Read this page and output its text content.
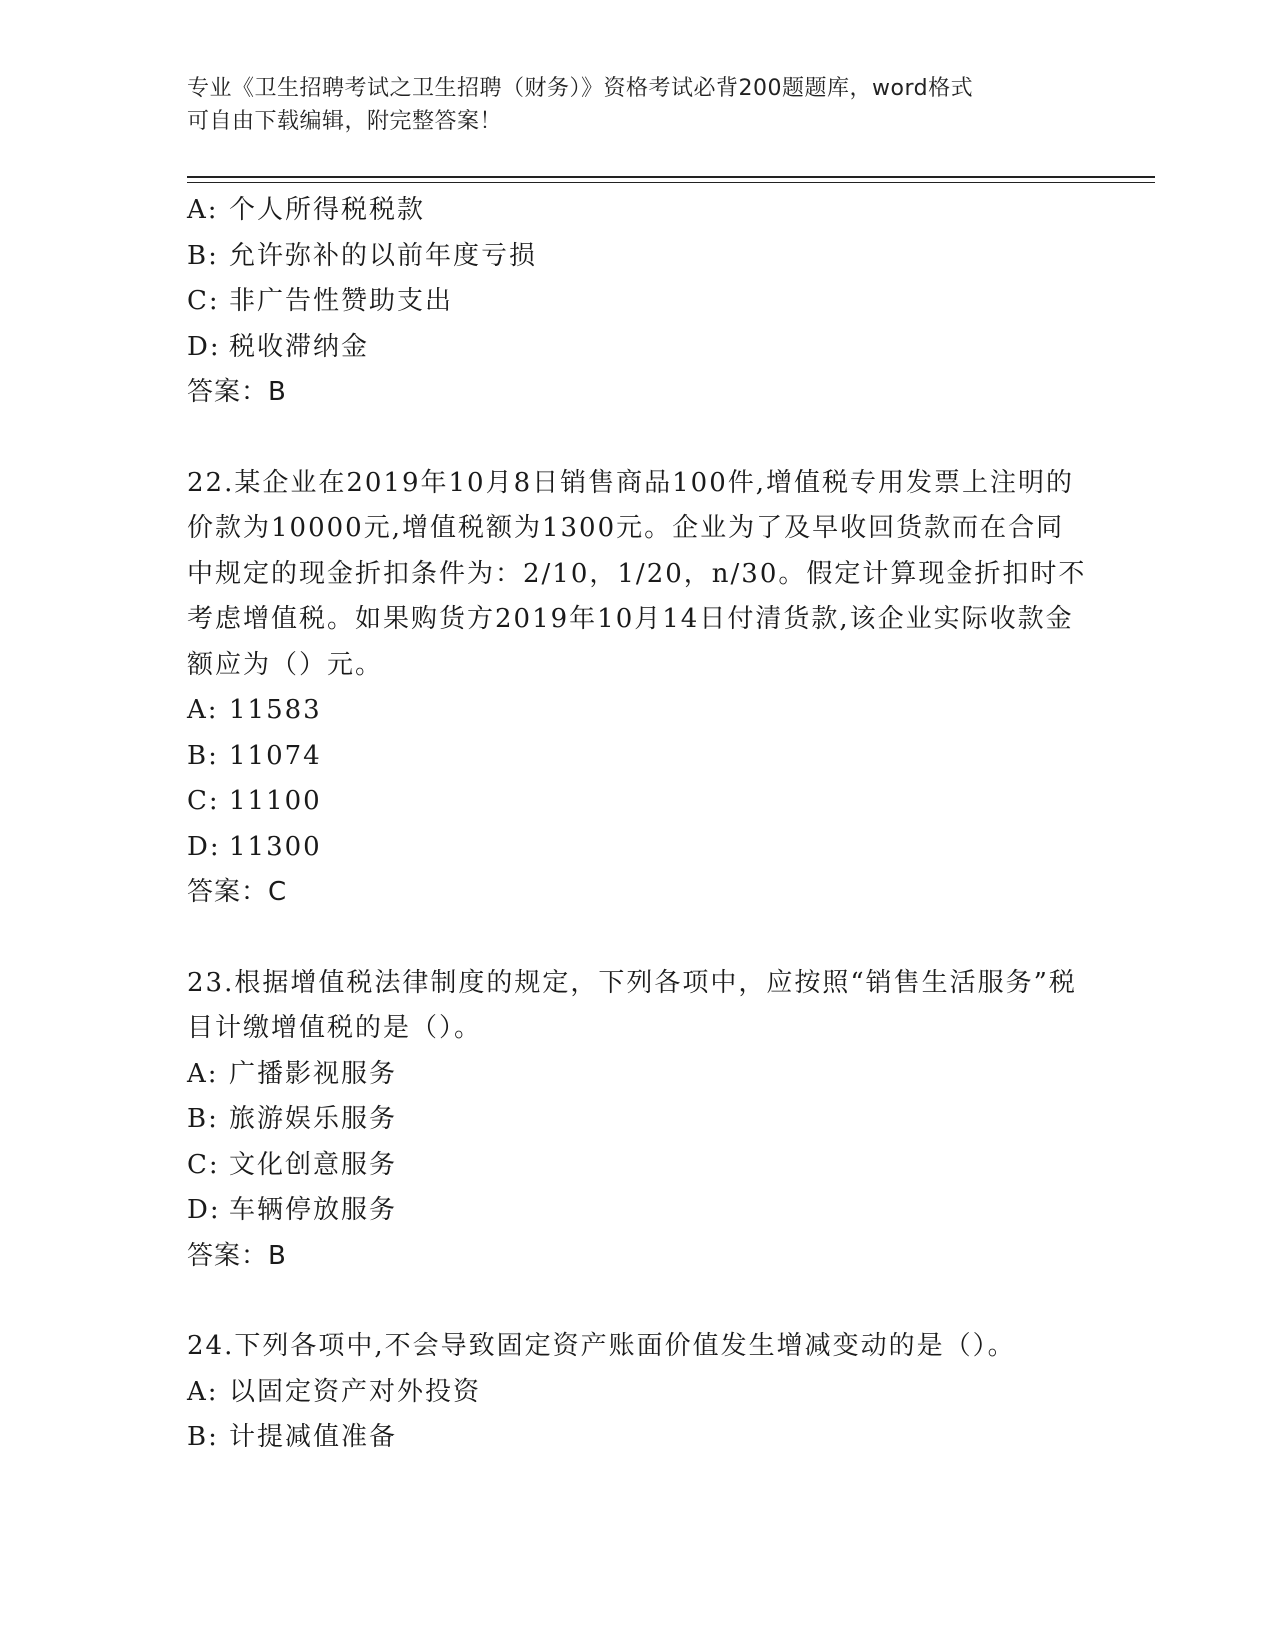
专业《卫生招聘考试之卫生招聘（财务）》资格考试必背200题题库，word格式
可自由下载编辑，附完整答案！

A: 个人所得税税款

B: 允许弥补的以前年度亏损

C: 非广告性赞助支出

D: 税收滞纳金

答案：B

22.某企业在2019年10月8日销售商品100件,增值税专用发票上注明的价款为10000元,增值税额为1300元。企业为了及早收回货款而在合同中规定的现金折扣条件为：2/10，1/20，n/30。假定计算现金折扣时不考虑增值税。如果购货方2019年10月14日付清货款,该企业实际收款金额应为（）元。

A: 11583

B: 11074

C: 11100

D: 11300

答案：C

23.根据增值税法律制度的规定，下列各项中，应按照“销售生活服务”税目计缴增值税的是（）。

A: 广播影视服务

B: 旅游娱乐服务

C: 文化创意服务

D: 车辆停放服务

答案：B

24.下列各项中,不会导致固定资产账面价值发生增减变动的是（）。

A: 以固定资产对外投资

B: 计提减值准备
